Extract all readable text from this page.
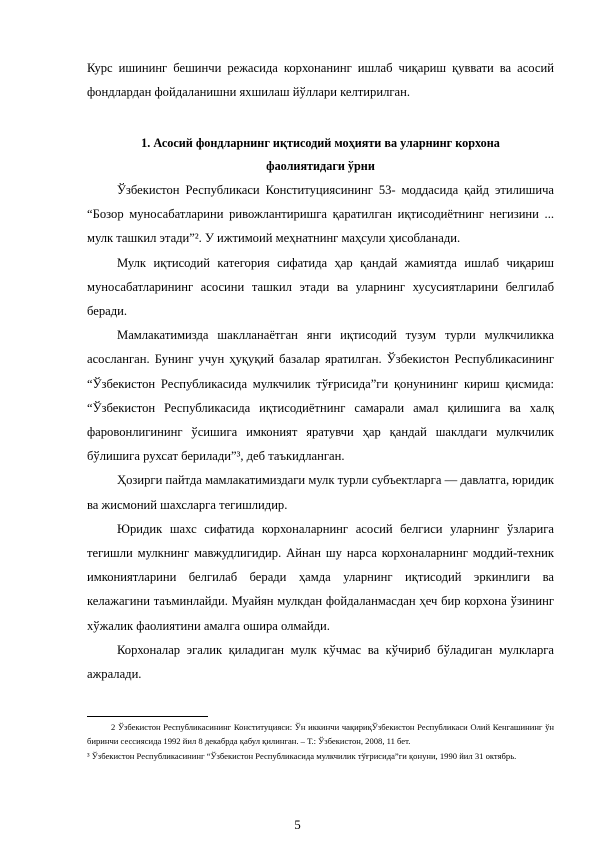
Курс ишининг бешинчи режасида корхонанинг ишлаб чиқариш қуввати ва асосий фондлардан фойдаланишни яхшилаш йўллари келтирилган.

1. Асосий фондларнинг иқтисодий моҳияти ва уларнинг корхона фаолиятидаги ўрни

Ўзбекистон Республикаси Конституциясининг 53- моддасида қайд этилишича “Бозор муносабатларини ривожлантиришга қаратилган иқтисодиётнинг негизини ... мулк ташкил этади”². У ижтимоий меҳнатнинг маҳсули ҳисобланади.

Мулк иқтисодий категория сифатида ҳар қандай жамиятда ишлаб чиқариш муносабатларининг асосини ташкил этади ва уларнинг хусусиятларини белгилаб беради.

Мамлакатимизда шаклланаётган янги иқтисодий тузум турли мулкчиликка асосланган. Бунинг учун ҳуқуқий базалар яратилган. Ўзбекистон Республикасининг “Ўзбекистон Республикасида мулкчилик тўғрисида”ги қонунининг кириш қисмида: “Ўзбекистон Республикасида иқтисодиётнинг самарали амал қилишига ва халқ фаровонлигининг ўсишига имконият яратувчи ҳар қандай шаклдаги мулкчилик бўлишига рухсат берилади”³, деб таъкидланган.

Ҳозирги пайтда мамлакатимиздаги мулк турли субъектларга — давлатга, юридик ва жисмоний шахсларга тегишлидир.

Юридик шахс сифатида корхоналарнинг асосий белгиси уларнинг ўзларига тегишли мулкнинг мавжудлигидир. Айнан шу нарса корхоналарнинг моддий-техник имкониятларини белгилаб беради ҳамда уларнинг иқтисодий эркинлиги ва келажагини таъминлайди. Муайян мулкдан фойдаланмасдан ҳеч бир корхона ўзининг хўжалик фаолиятини амалга ошира олмайди.

Корхоналар эгалик қиладиган мулк кўчмас ва кўчириб бўладиган мулкларга ажралади.

2 Ўзбекистон Республикасининг Конституцияси: Ўн иккинчи чақириқЎзбекистон Республикаси Олий Кенгашининг ўн биринчи сессиясида 1992 йил 8 декабрда қабул қилинган. – Т.: Ўзбекистон, 2008, 11 бет.

³ Ўзбекистон Республикасининг “Ўзбекистон Республикасида мулкчилик тўғрисида”ги қонуни, 1990 йил 31 октябрь.

5
